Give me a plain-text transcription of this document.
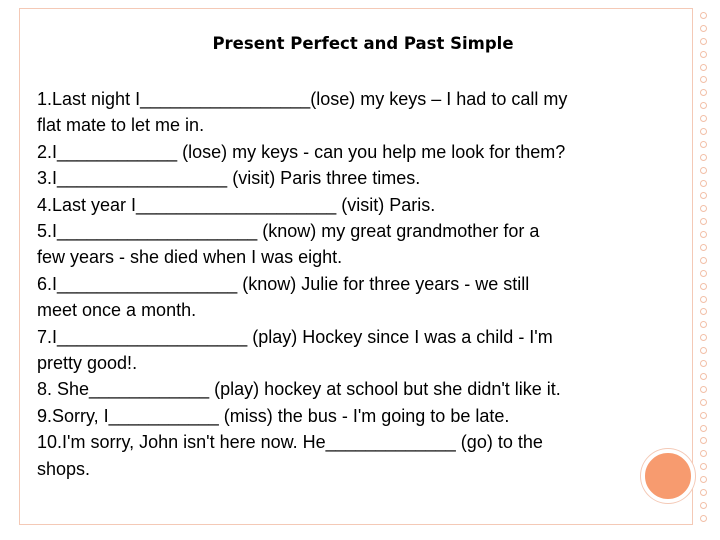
Present Perfect and Past Simple
1.Last night I_________________(lose) my keys – I had to call my
flat mate to let me in.
2.I____________ (lose) my keys - can you help me look for them?
3.I_________________ (visit) Paris three times.
4.Last year I____________________ (visit) Paris.
5.I____________________ (know) my great grandmother for a
few years - she died when I was eight.
6.I__________________ (know) Julie for three years - we still
meet once a month.
7.I___________________ (play) Hockey since I was a child - I'm
pretty good!.
8. She____________ (play) hockey at school but she didn't like it.
9.Sorry, I___________ (miss) the bus - I'm going to be late.
10.I'm sorry, John isn't here now. He_____________ (go) to the
shops.
